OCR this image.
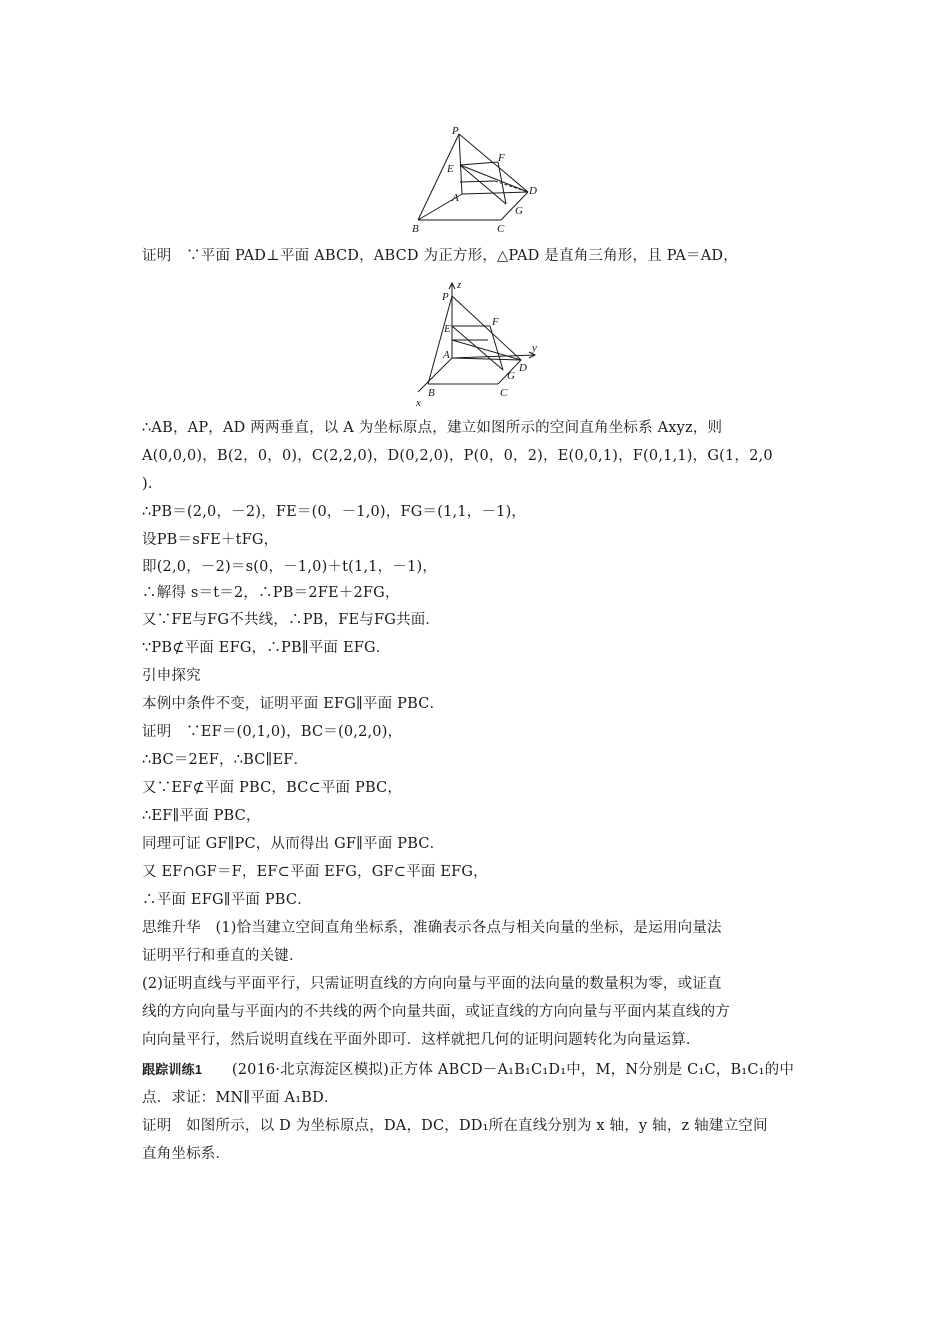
P
E
F
A
D
G
B	C
证明　∵平面 PAD⊥平面 ABCD，ABCD 为正方形，△PAD 是直角三角形，且 PA＝AD，
z
P
E
F
A
y
D
G
B	C
x
∴AB，AP，AD 两两垂直，以 A 为坐标原点，建立如图所示的空间直角坐标系 Axyz，则
A(0,0,0)，B(2，0，0)，C(2,2,0)，D(0,2,0)，P(0，0，2)，E(0,0,1)，F(0,1,1)，G(1，2,0
).
∴PB＝(2,0，－2)，FE＝(0，－1,0)，FG＝(1,1，－1)，
设PB＝sFE＋tFG，
即(2,0，－2)＝s(0，－1,0)＋t(1,1，－1)，
∴解得 s＝t＝2，∴PB＝2FE＋2FG，
又∵FE与FG不共线，∴PB，FE与FG共面．
∵PB⊄平面 EFG，∴PB∥平面 EFG．
引申探究
本例中条件不变，证明平面 EFG∥平面 PBC．
证明　∵EF＝(0,1,0)，BC＝(0,2,0)，
∴BC＝2EF，∴BC∥EF．
又∵EF⊄平面 PBC，BC⊂平面 PBC，
∴EF∥平面 PBC，
同理可证 GF∥PC，从而得出 GF∥平面 PBC．
又 EF∩GF＝F，EF⊂平面 EFG，GF⊂平面 EFG，
∴平面 EFG∥平面 PBC．
思维升华　(1)恰当建立空间直角坐标系，准确表示各点与相关向量的坐标，是运用向量法
证明平行和垂直的关键．
(2)证明直线与平面平行，只需证明直线的方向向量与平面的法向量的数量积为零，或证直
线的方向向量与平面内的不共线的两个向量共面，或证直线的方向向量与平面内某直线的方
向向量平行，然后说明直线在平面外即可．这样就把几何的证明问题转化为向量运算．
跟踪训练1 (2016·北京海淀区模拟)正方体 ABCD－A₁B₁C₁D₁中，M，N分别是 C₁C，B₁C₁的中
点．求证：MN∥平面 A₁BD．
证明　如图所示，以 D 为坐标原点，DA，DC，DD₁所在直线分别为 x 轴，y 轴，z 轴建立空间
直角坐标系．
